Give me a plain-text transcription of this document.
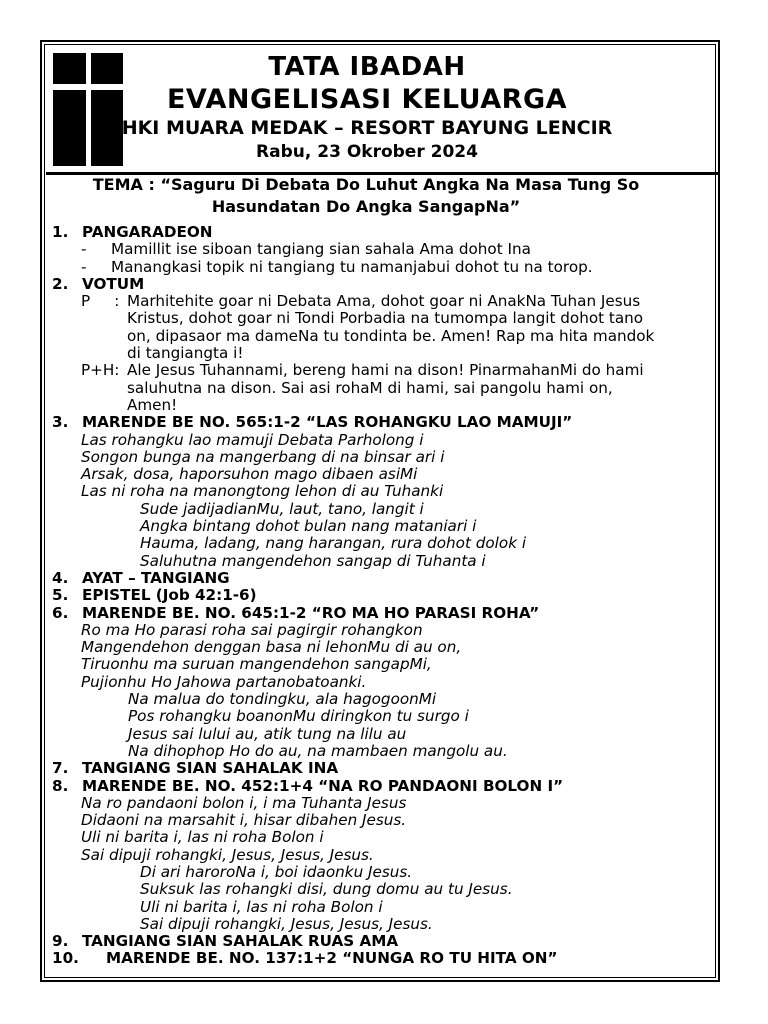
TATA IBADAH
EVANGELISASI KELUARGA
HKI MUARA MEDAK – RESORT BAYUNG LENCIR
Rabu, 23 Okrober 2024
TEMA : “Saguru Di Debata Do Luhut Angka Na Masa Tung So
Hasundatan Do Angka SangapNa”
1. PANGARADEON
- Mamillit ise siboan tangiang sian sahala Ama dohot Ina
- Manangkasi topik ni tangiang tu namanjabui dohot tu na torop.
2. VOTUM
P     : Marhitehite goar ni Debata Ama, dohot goar ni AnakNa Tuhan Jesus
Kristus, dohot goar ni Tondi Porbadia na tumompa langit dohot tano
on, dipasaor ma dameNa tu tondinta be. Amen! Rap ma hita mandok
di tangiangta i!
P+H: Ale Jesus Tuhannami, bereng hami na dison! PinarmahanMi do hami
saluhutna na dison. Sai asi rohaM di hami, sai pangolu hami on,
Amen!
3. MARENDE BE NO. 565:1-2 “LAS ROHANGKU LAO MAMUJI”
Las rohangku lao mamuji Debata Parholong i
Songon bunga na mangerbang di na binsar ari i
Arsak, dosa, haporsuhon mago dibaen asiMi
Las ni roha na manongtong lehon di au Tuhanki
Sude jadijadianMu, laut, tano, langit i
Angka bintang dohot bulan nang mataniari i
Hauma, ladang, nang harangan, rura dohot dolok i
Saluhutna mangendehon sangap di Tuhanta i
4. AYAT – TANGIANG
5. EPISTEL (Job 42:1-6)
6. MARENDE BE. NO. 645:1-2 “RO MA HO PARASI ROHA”
Ro ma Ho parasi roha sai pagirgir rohangkon
Mangendehon denggan basa ni lehonMu di au on,
Tiruonhu ma suruan mangendehon sangapMi,
Pujionhu Ho Jahowa partanobatoanki.
Na malua do tondingku, ala hagogoonMi
Pos rohangku boanonMu diringkon tu surgo i
Jesus sai lului au, atik tung na lilu au
Na dihophop Ho do au, na mambaen mangolu au.
7. TANGIANG SIAN SAHALAK INA
8. MARENDE BE. NO. 452:1+4 “NA RO PANDAONI BOLON I”
Na ro pandaoni bolon i, i ma Tuhanta Jesus
Didaoni na marsahit i, hisar dibahen Jesus.
Uli ni barita i, las ni roha Bolon i
Sai dipuji rohangki, Jesus, Jesus, Jesus.
Di ari haroroNa i, boi idaonku Jesus.
Suksuk las rohangki disi, dung domu au tu Jesus.
Uli ni barita i, las ni roha Bolon i
Sai dipuji rohangki, Jesus, Jesus, Jesus.
9. TANGIANG SIAN SAHALAK RUAS AMA
10. MARENDE BE. NO. 137:1+2 “NUNGA RO TU HITA ON”
